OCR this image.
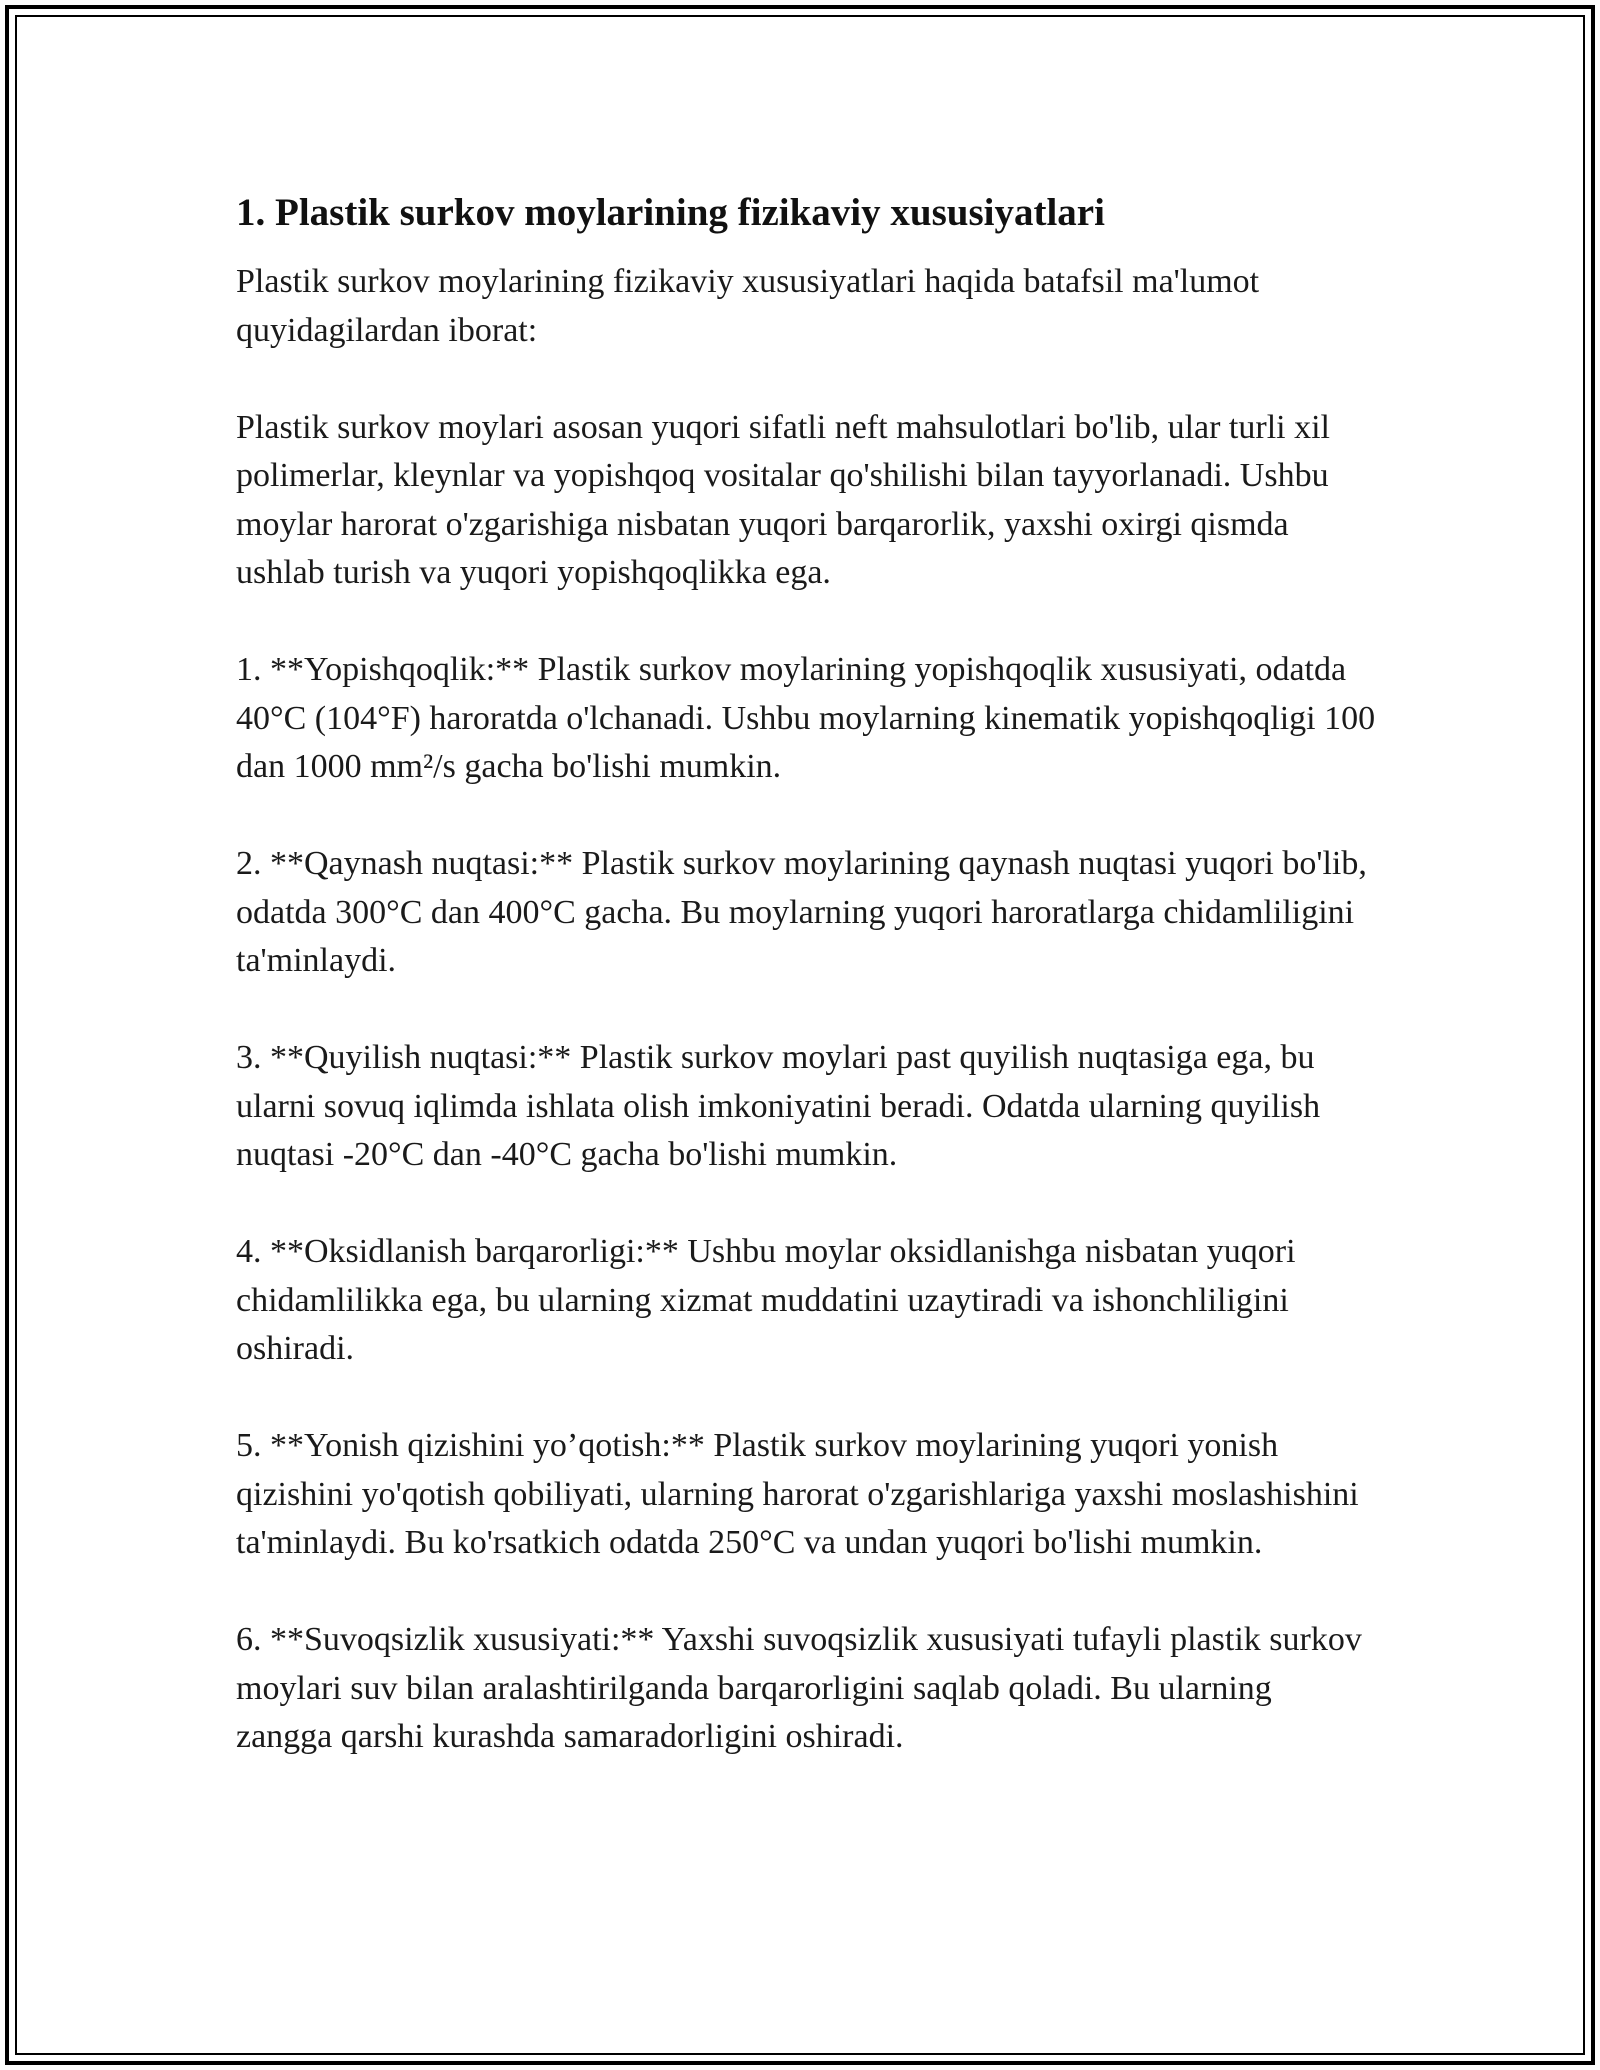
1. Plastik surkov moylarining fizikaviy xususiyatlari

Plastik surkov moylarining fizikaviy xususiyatlari haqida batafsil ma'lumot quyidagilardan iborat:

Plastik surkov moylari asosan yuqori sifatli neft mahsulotlari bo'lib, ular turli xil polimerlar, kleynlar va yopishqoq vositalar qo'shilishi bilan tayyorlanadi. Ushbu moylar harorat o'zgarishiga nisbatan yuqori barqarorlik, yaxshi oxirgi qismda ushlab turish va yuqori yopishqoqlikka ega.

1. **Yopishqoqlik:** Plastik surkov moylarining yopishqoqlik xususiyati, odatda 40°C (104°F) haroratda o'lchanadi. Ushbu moylarning kinematik yopishqoqligi 100 dan 1000 mm²/s gacha bo'lishi mumkin.

2. **Qaynash nuqtasi:** Plastik surkov moylarining qaynash nuqtasi yuqori bo'lib, odatda 300°C dan 400°C gacha. Bu moylarning yuqori haroratlarga chidamliligini ta'minlaydi.

3. **Quyilish nuqtasi:** Plastik surkov moylari past quyilish nuqtasiga ega, bu ularni sovuq iqlimda ishlata olish imkoniyatini beradi. Odatda ularning quyilish nuqtasi -20°C dan -40°C gacha bo'lishi mumkin.

4. **Oksidlanish barqarorligi:** Ushbu moylar oksidlanishga nisbatan yuqori chidamlilikka ega, bu ularning xizmat muddatini uzaytiradi va ishonchliligini oshiradi.

5. **Yonish qizishini yo’qotish:** Plastik surkov moylarining yuqori yonish qizishini yo'qotish qobiliyati, ularning harorat o'zgarishlariga yaxshi moslashishini ta'minlaydi. Bu ko'rsatkich odatda 250°C va undan yuqori bo'lishi mumkin.

6. **Suvoqsizlik xususiyati:** Yaxshi suvoqsizlik xususiyati tufayli plastik surkov moylari suv bilan aralashtirilganda barqarorligini saqlab qoladi. Bu ularning zangga qarshi kurashda samaradorligini oshiradi.
